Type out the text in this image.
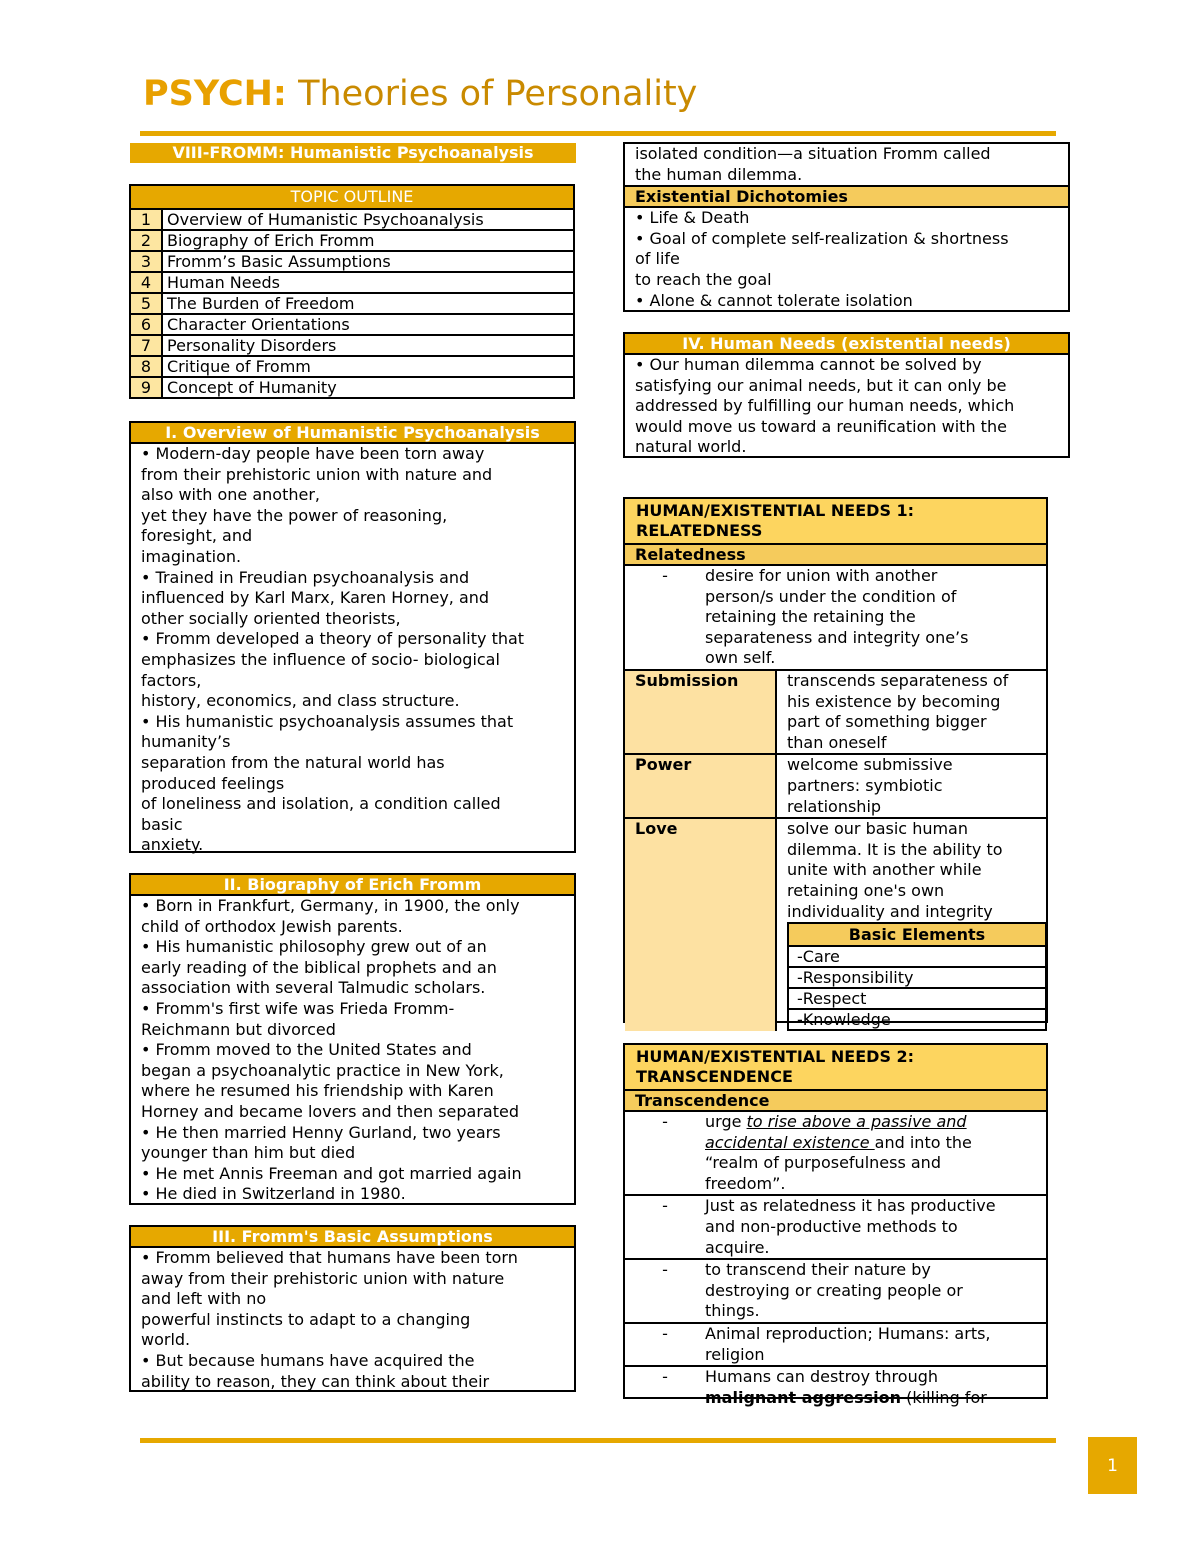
PSYCH: Theories of Personality
VIII-FROMM: Humanistic Psychoanalysis
TOPIC OUTLINE	
1	Overview of Humanistic Psychoanalysis
2	Biography of Erich Fromm
3	Fromm’s Basic Assumptions
4	Human Needs
5	The Burden of Freedom
6	Character Orientations
7	Personality Disorders
8	Critique of Fromm
9	Concept of Humanity
I. Overview of Humanistic Psychoanalysis
• Modern-day people have been torn away
from their prehistoric union with nature and
also with one another,
yet they have the power of reasoning,
foresight, and
imagination.
• Trained in Freudian psychoanalysis and
influenced by Karl Marx, Karen Horney, and
other socially oriented theorists,
• Fromm developed a theory of personality that
emphasizes the influence of socio- biological
factors,
history, economics, and class structure.
• His humanistic psychoanalysis assumes that
humanity’s
separation from the natural world has
produced feelings
of loneliness and isolation, a condition called
basic
anxiety.
II. Biography of Erich Fromm
• Born in Frankfurt, Germany, in 1900, the only
child of orthodox Jewish parents.
• His humanistic philosophy grew out of an
early reading of the biblical prophets and an
association with several Talmudic scholars.
• Fromm's first wife was Frieda Fromm-
Reichmann but divorced
• Fromm moved to the United States and
began a psychoanalytic practice in New York,
where he resumed his friendship with Karen
Horney and became lovers and then separated
• He then married Henny Gurland, two years
younger than him but died
• He met Annis Freeman and got married again
• He died in Switzerland in 1980.
III. Fromm's Basic Assumptions
• Fromm believed that humans have been torn
away from their prehistoric union with nature
and left with no
powerful instincts to adapt to a changing
world.
• But because humans have acquired the
ability to reason, they can think about their
isolated condition—a situation Fromm called
the human dilemma.
Existential Dichotomies
• Life & Death
• Goal of complete self-realization & shortness
of life
to reach the goal
• Alone & cannot tolerate isolation
IV. Human Needs (existential needs)
• Our human dilemma cannot be solved by
satisfying our animal needs, but it can only be
addressed by fulfilling our human needs, which
would move us toward a reunification with the
natural world.
HUMAN/EXISTENTIAL NEEDS 1:
RELATEDNESS
Relatedness
-	desire for union with another
person/s under the condition of
retaining the retaining the
separateness and integrity one’s
own self.
Submission	transcends separateness of
his existence by becoming
part of something bigger
than oneself
Power	welcome submissive
partners: symbiotic
relationship
Love	solve our basic human
dilemma. It is the ability to
unite with another while
retaining one's own
individuality and integrity
Basic Elements
-Care
-Responsibility
-Respect
-Knowledge
HUMAN/EXISTENTIAL NEEDS 2:
TRANSCENDENCE
Transcendence
-	urge to rise above a passive and
accidental existence and into the
“realm of purposefulness and
freedom”.
-	Just as relatedness it has productive
and non-productive methods to
acquire.
-	to transcend their nature by
destroying or creating people or
things.
-	Animal reproduction; Humans: arts,
religion
-	Humans can destroy through
malignant aggression (killing for
1
